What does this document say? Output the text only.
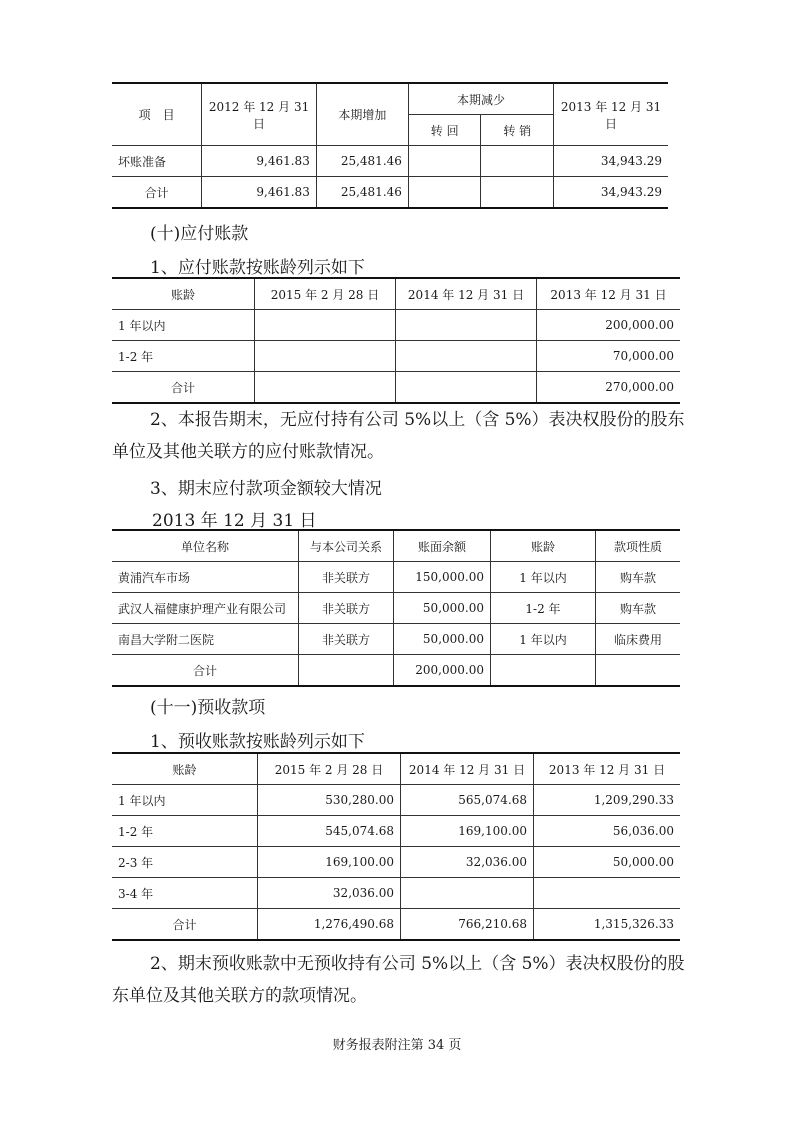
项　目	2012 年 12 月 31 日	本期增加	本期减少		2013 年 12 月 31 日
			转 回	转 销	
坏账准备	9,461.83	25,481.46			34,943.29
合计	9,461.83	25,481.46			34,943.29
(十)应付账款
1、应付账款按账龄列示如下
账龄	2015 年 2 月 28 日	2014 年 12 月 31 日	2013 年 12 月 31 日
1 年以内			200,000.00
1-2 年			70,000.00
合计			270,000.00
2、本报告期末，无应付持有公司 5%以上（含 5%）表决权股份的股东单位及其他关联方的应付账款情况。
3、期末应付款项金额较大情况
2013 年 12 月 31 日
单位名称	与本公司关系	账面余额	账龄	款项性质
黄浦汽车市场	非关联方	150,000.00	1 年以内	购车款
武汉人福健康护理产业有限公司	非关联方	50,000.00	1-2 年	购车款
南昌大学附二医院	非关联方	50,000.00	1 年以内	临床费用
合计		200,000.00		
(十一)预收款项
1、预收账款按账龄列示如下
账龄	2015 年 2 月 28 日	2014 年 12 月 31 日	2013 年 12 月 31 日
1 年以内	530,280.00	565,074.68	1,209,290.33
1-2 年	545,074.68	169,100.00	56,036.00
2-3 年	169,100.00	32,036.00	50,000.00
3-4 年	32,036.00		
合计	1,276,490.68	766,210.68	1,315,326.33
2、期末预收账款中无预收持有公司 5%以上（含 5%）表决权股份的股东单位及其他关联方的款项情况。
财务报表附注第 34 页
